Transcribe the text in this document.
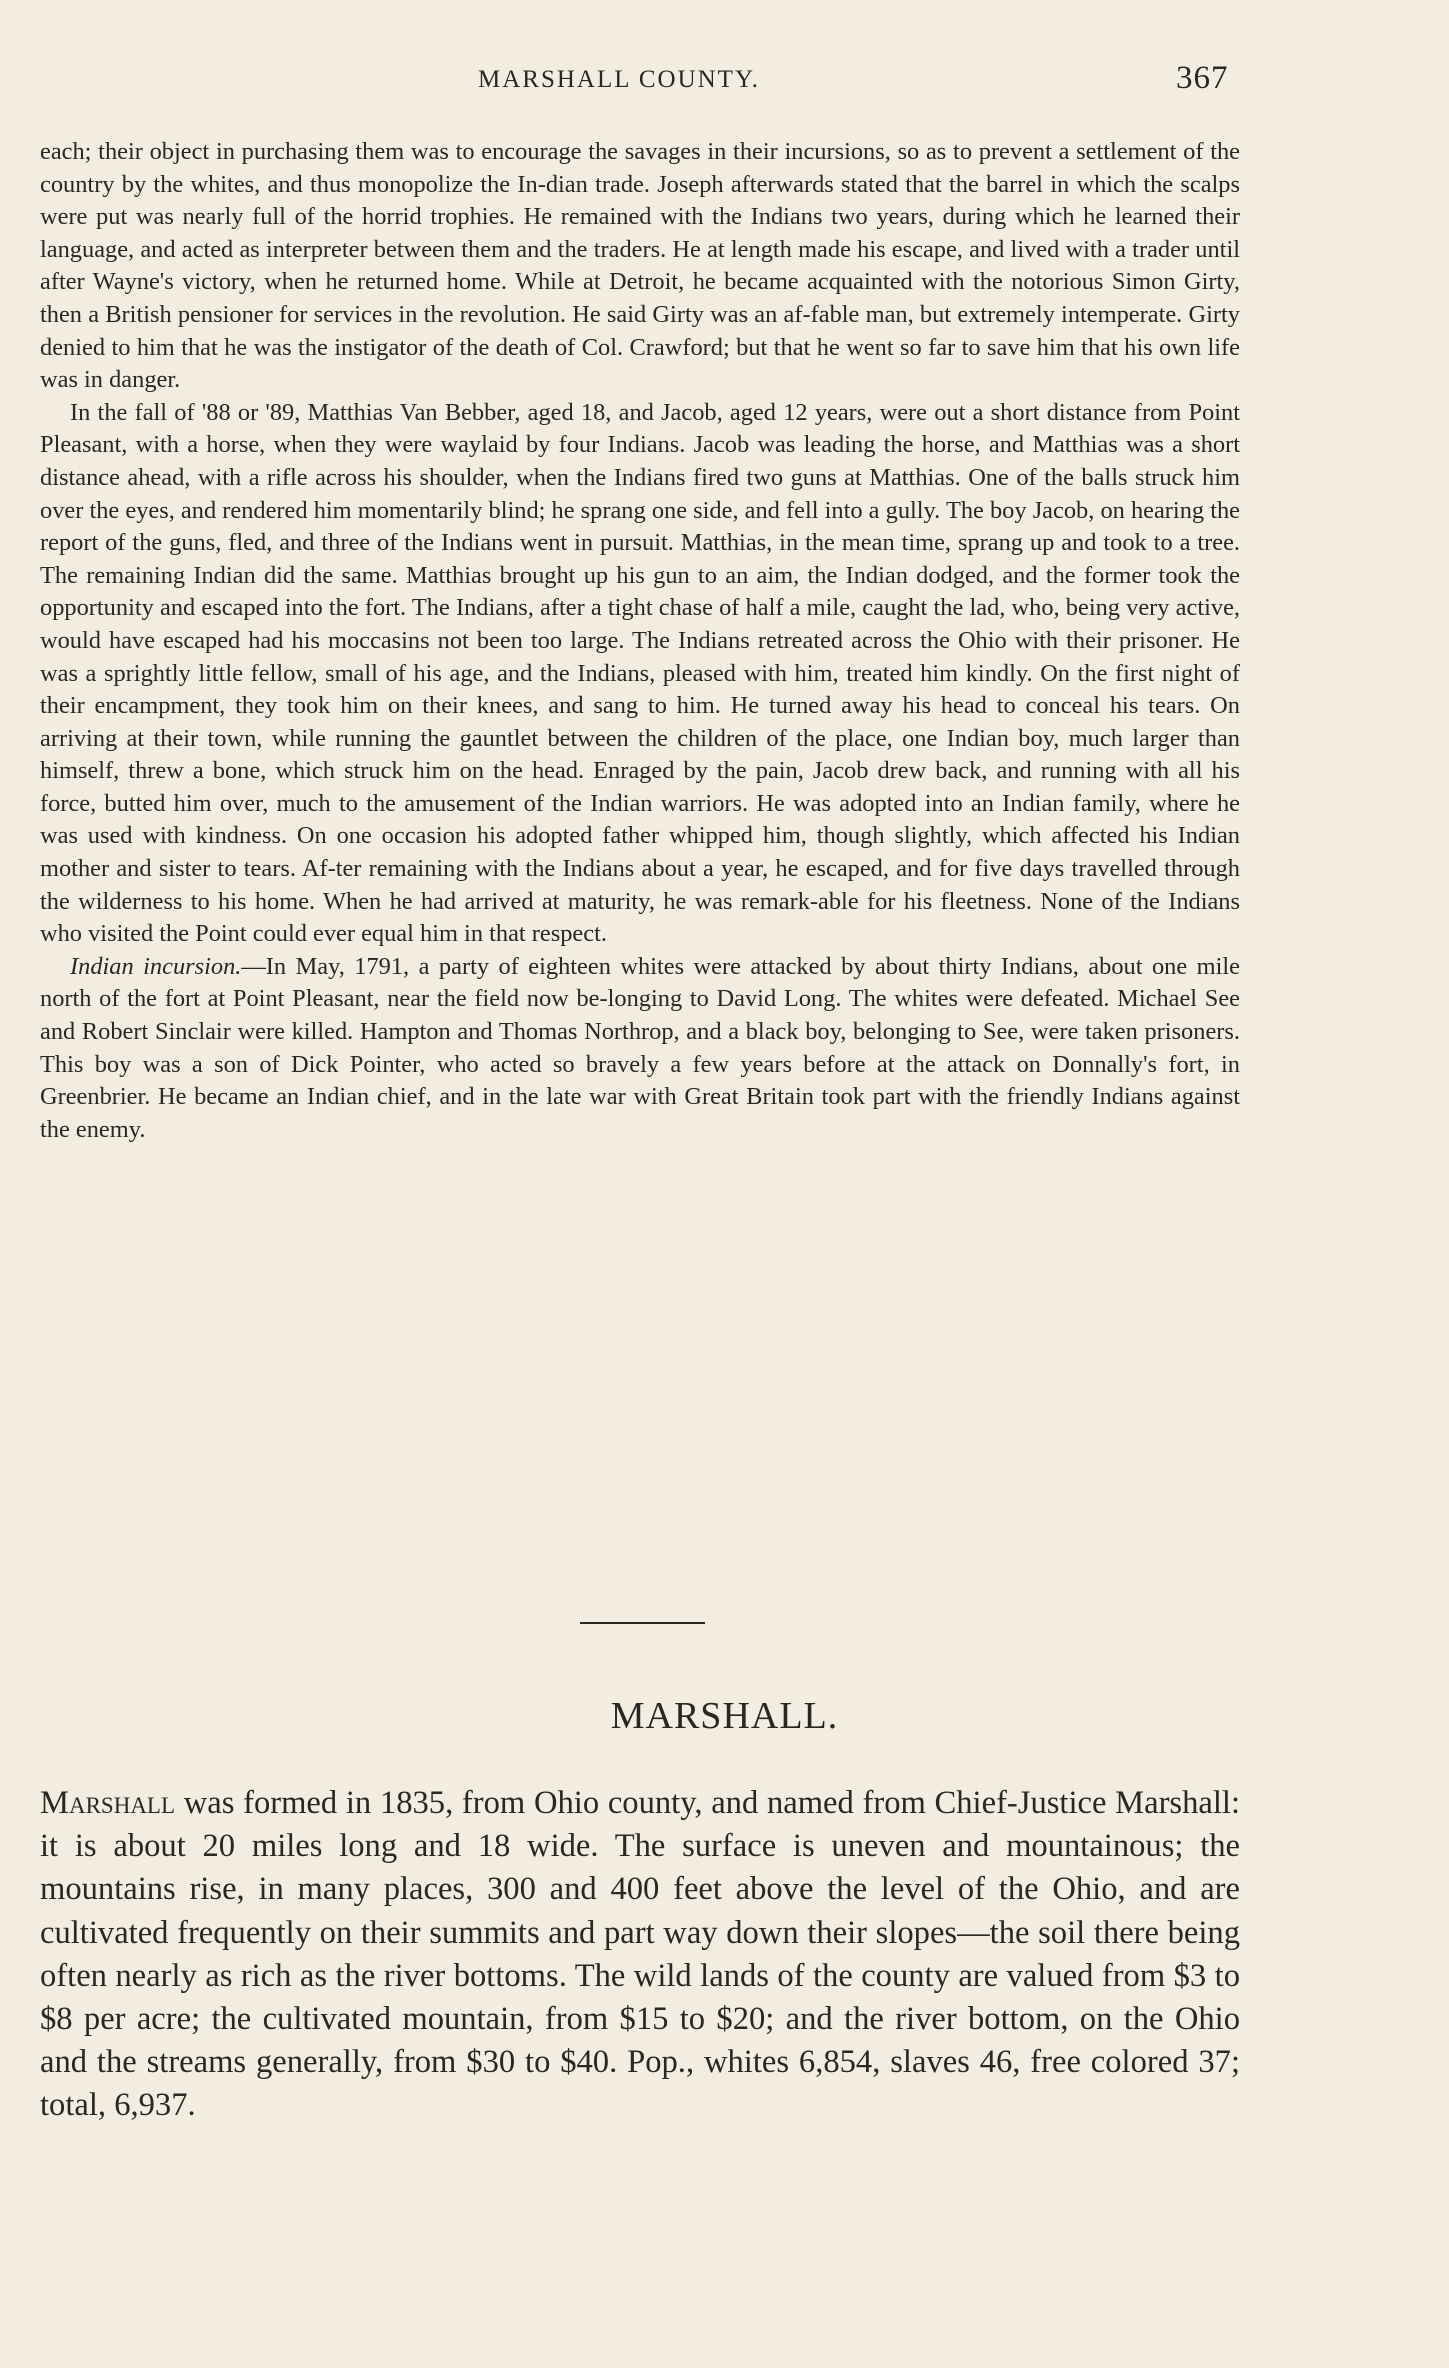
MARSHALL COUNTY.	367

each; their object in purchasing them was to encourage the savages in their incursions, so as to prevent a settlement of the country by the whites, and thus monopolize the In-dian trade. Joseph afterwards stated that the barrel in which the scalps were put was nearly full of the horrid trophies. He remained with the Indians two years, during which he learned their language, and acted as interpreter between them and the traders. He at length made his escape, and lived with a trader until after Wayne's victory, when he returned home. While at Detroit, he became acquainted with the notorious Simon Girty, then a British pensioner for services in the revolution. He said Girty was an af-fable man, but extremely intemperate. Girty denied to him that he was the instigator of the death of Col. Crawford; but that he went so far to save him that his own life was in danger.

In the fall of '88 or '89, Matthias Van Bebber, aged 18, and Jacob, aged 12 years, were out a short distance from Point Pleasant, with a horse, when they were waylaid by four Indians. Jacob was leading the horse, and Matthias was a short distance ahead, with a rifle across his shoulder, when the Indians fired two guns at Matthias. One of the balls struck him over the eyes, and rendered him momentarily blind; he sprang one side, and fell into a gully. The boy Jacob, on hearing the report of the guns, fled, and three of the Indians went in pursuit. Matthias, in the mean time, sprang up and took to a tree. The remaining Indian did the same. Matthias brought up his gun to an aim, the Indian dodged, and the former took the opportunity and escaped into the fort. The Indians, after a tight chase of half a mile, caught the lad, who, being very active, would have escaped had his moccasins not been too large. The Indians retreated across the Ohio with their prisoner. He was a sprightly little fellow, small of his age, and the Indians, pleased with him, treated him kindly. On the first night of their encampment, they took him on their knees, and sang to him. He turned away his head to conceal his tears. On arriving at their town, while running the gauntlet between the children of the place, one Indian boy, much larger than himself, threw a bone, which struck him on the head. Enraged by the pain, Jacob drew back, and running with all his force, butted him over, much to the amusement of the Indian warriors. He was adopted into an Indian family, where he was used with kindness. On one occasion his adopted father whipped him, though slightly, which affected his Indian mother and sister to tears. Af-ter remaining with the Indians about a year, he escaped, and for five days travelled through the wilderness to his home. When he had arrived at maturity, he was remark-able for his fleetness. None of the Indians who visited the Point could ever equal him in that respect.

Indian incursion.—In May, 1791, a party of eighteen whites were attacked by about thirty Indians, about one mile north of the fort at Point Pleasant, near the field now be-longing to David Long. The whites were defeated. Michael See and Robert Sinclair were killed. Hampton and Thomas Northrop, and a black boy, belonging to See, were taken prisoners. This boy was a son of Dick Pointer, who acted so bravely a few years before at the attack on Donnally's fort, in Greenbrier. He became an Indian chief, and in the late war with Great Britain took part with the friendly Indians against the enemy.

MARSHALL.

Marshall was formed in 1835, from Ohio county, and named from Chief-Justice Marshall: it is about 20 miles long and 18 wide. The surface is uneven and mountainous; the mountains rise, in many places, 300 and 400 feet above the level of the Ohio, and are cultivated frequently on their summits and part way down their slopes—the soil there being often nearly as rich as the river bottoms. The wild lands of the county are valued from $3 to $8 per acre; the cultivated mountain, from $15 to $20; and the river bottom, on the Ohio and the streams generally, from $30 to $40. Pop., whites 6,854, slaves 46, free colored 37; total, 6,937.
